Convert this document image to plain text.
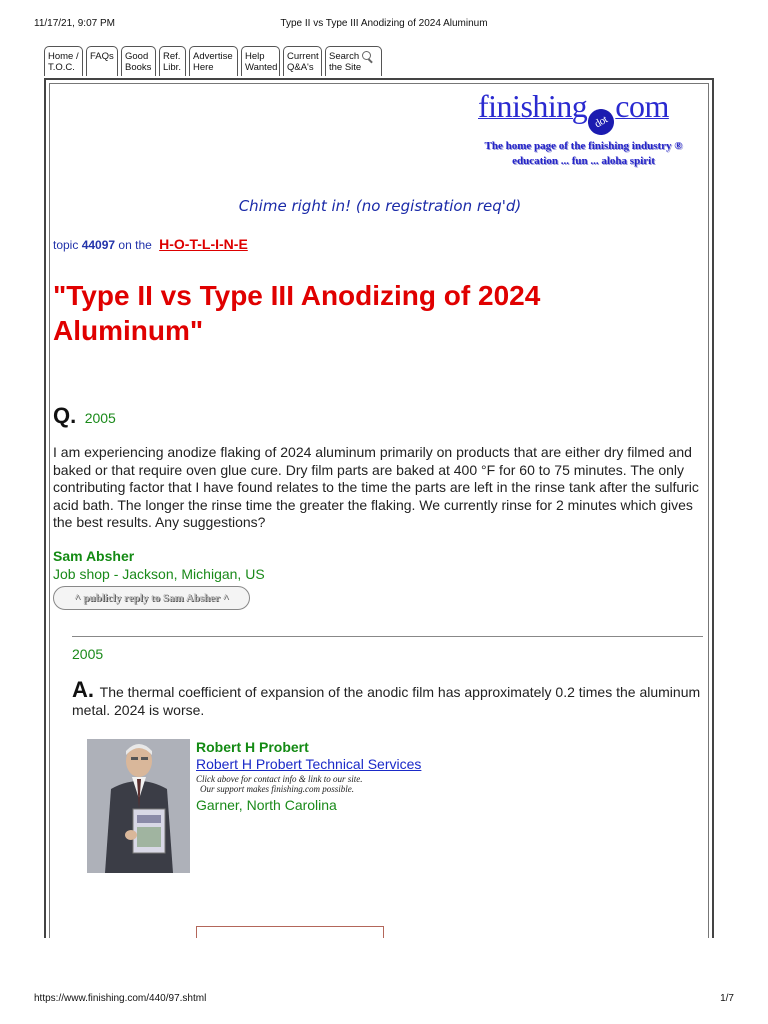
11/17/21, 9:07 PM	Type II vs Type III Anodizing of 2024 Aluminum
Home /
T.O.C.
FAQs Good
Books
Ref.
Libr.
Advertise
Here
Help
Wanted
Current
Q&A's
Search
the Site
finishing dot com
The home page of the finishing industry ®
education ... fun ... aloha spirit
Chime right in! (no registration req'd)
topic 44097 on the H-O-T-L-I-N-E
"Type II vs Type III Anodizing of 2024 Aluminum"
Q. 2005
I am experiencing anodize flaking of 2024 aluminum primarily on products that are either dry filmed and baked or that require oven glue cure. Dry film parts are baked at 400 °F for 60 to 75 minutes. The only contributing factor that I have found relates to the time the parts are left in the rinse tank after the sulfuric acid bath. The longer the rinse time the greater the flaking. We currently rinse for 2 minutes which gives the best results. Any suggestions?
Sam Absher
Job shop - Jackson, Michigan, US
^ publicly reply to Sam Absher ^
2005
A. The thermal coefficient of expansion of the anodic film has approximately 0.2 times the aluminum metal. 2024 is worse.
Robert H Probert
Robert H Probert Technical Services
Click above for contact info & link to our site.
Our support makes finishing.com possible.
Garner, North Carolina
https://www.finishing.com/440/97.shtml	1/7
